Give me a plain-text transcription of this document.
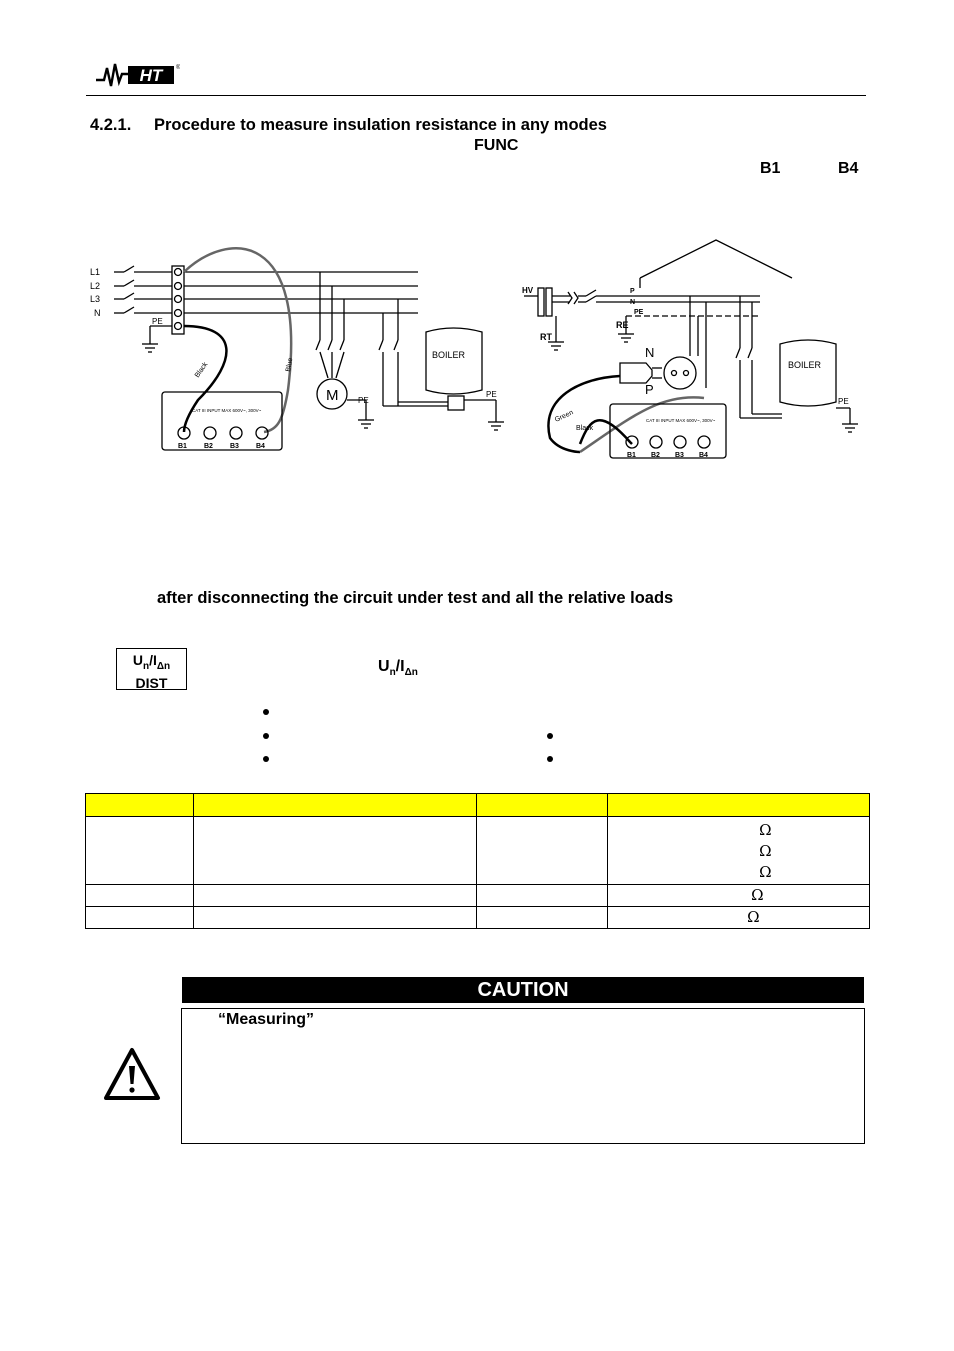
HT ®
4.2.1. Procedure to measure insulation resistance in any modes
FUNC
B1	B4
L1
L2
L3
N
PE
Black	Blue
M PE
BOILER
PE
CAT III INPUT MAX 600V~, 300V~
B1 B2 B3 B4
HV
RT
RE
P
N
PE
N
P
Green
Black
BOILER
PE
CAT III INPUT MAX 600V~, 300V~
B1 B2 B3 B4
after disconnecting the circuit under test and all the relative loads
$U_n/I_{\Delta n}$
DIST
$U_n/I_{\Delta n}$

			Ω
Ω
Ω

			Ω
			Ω
CAUTION
“Measuring”
